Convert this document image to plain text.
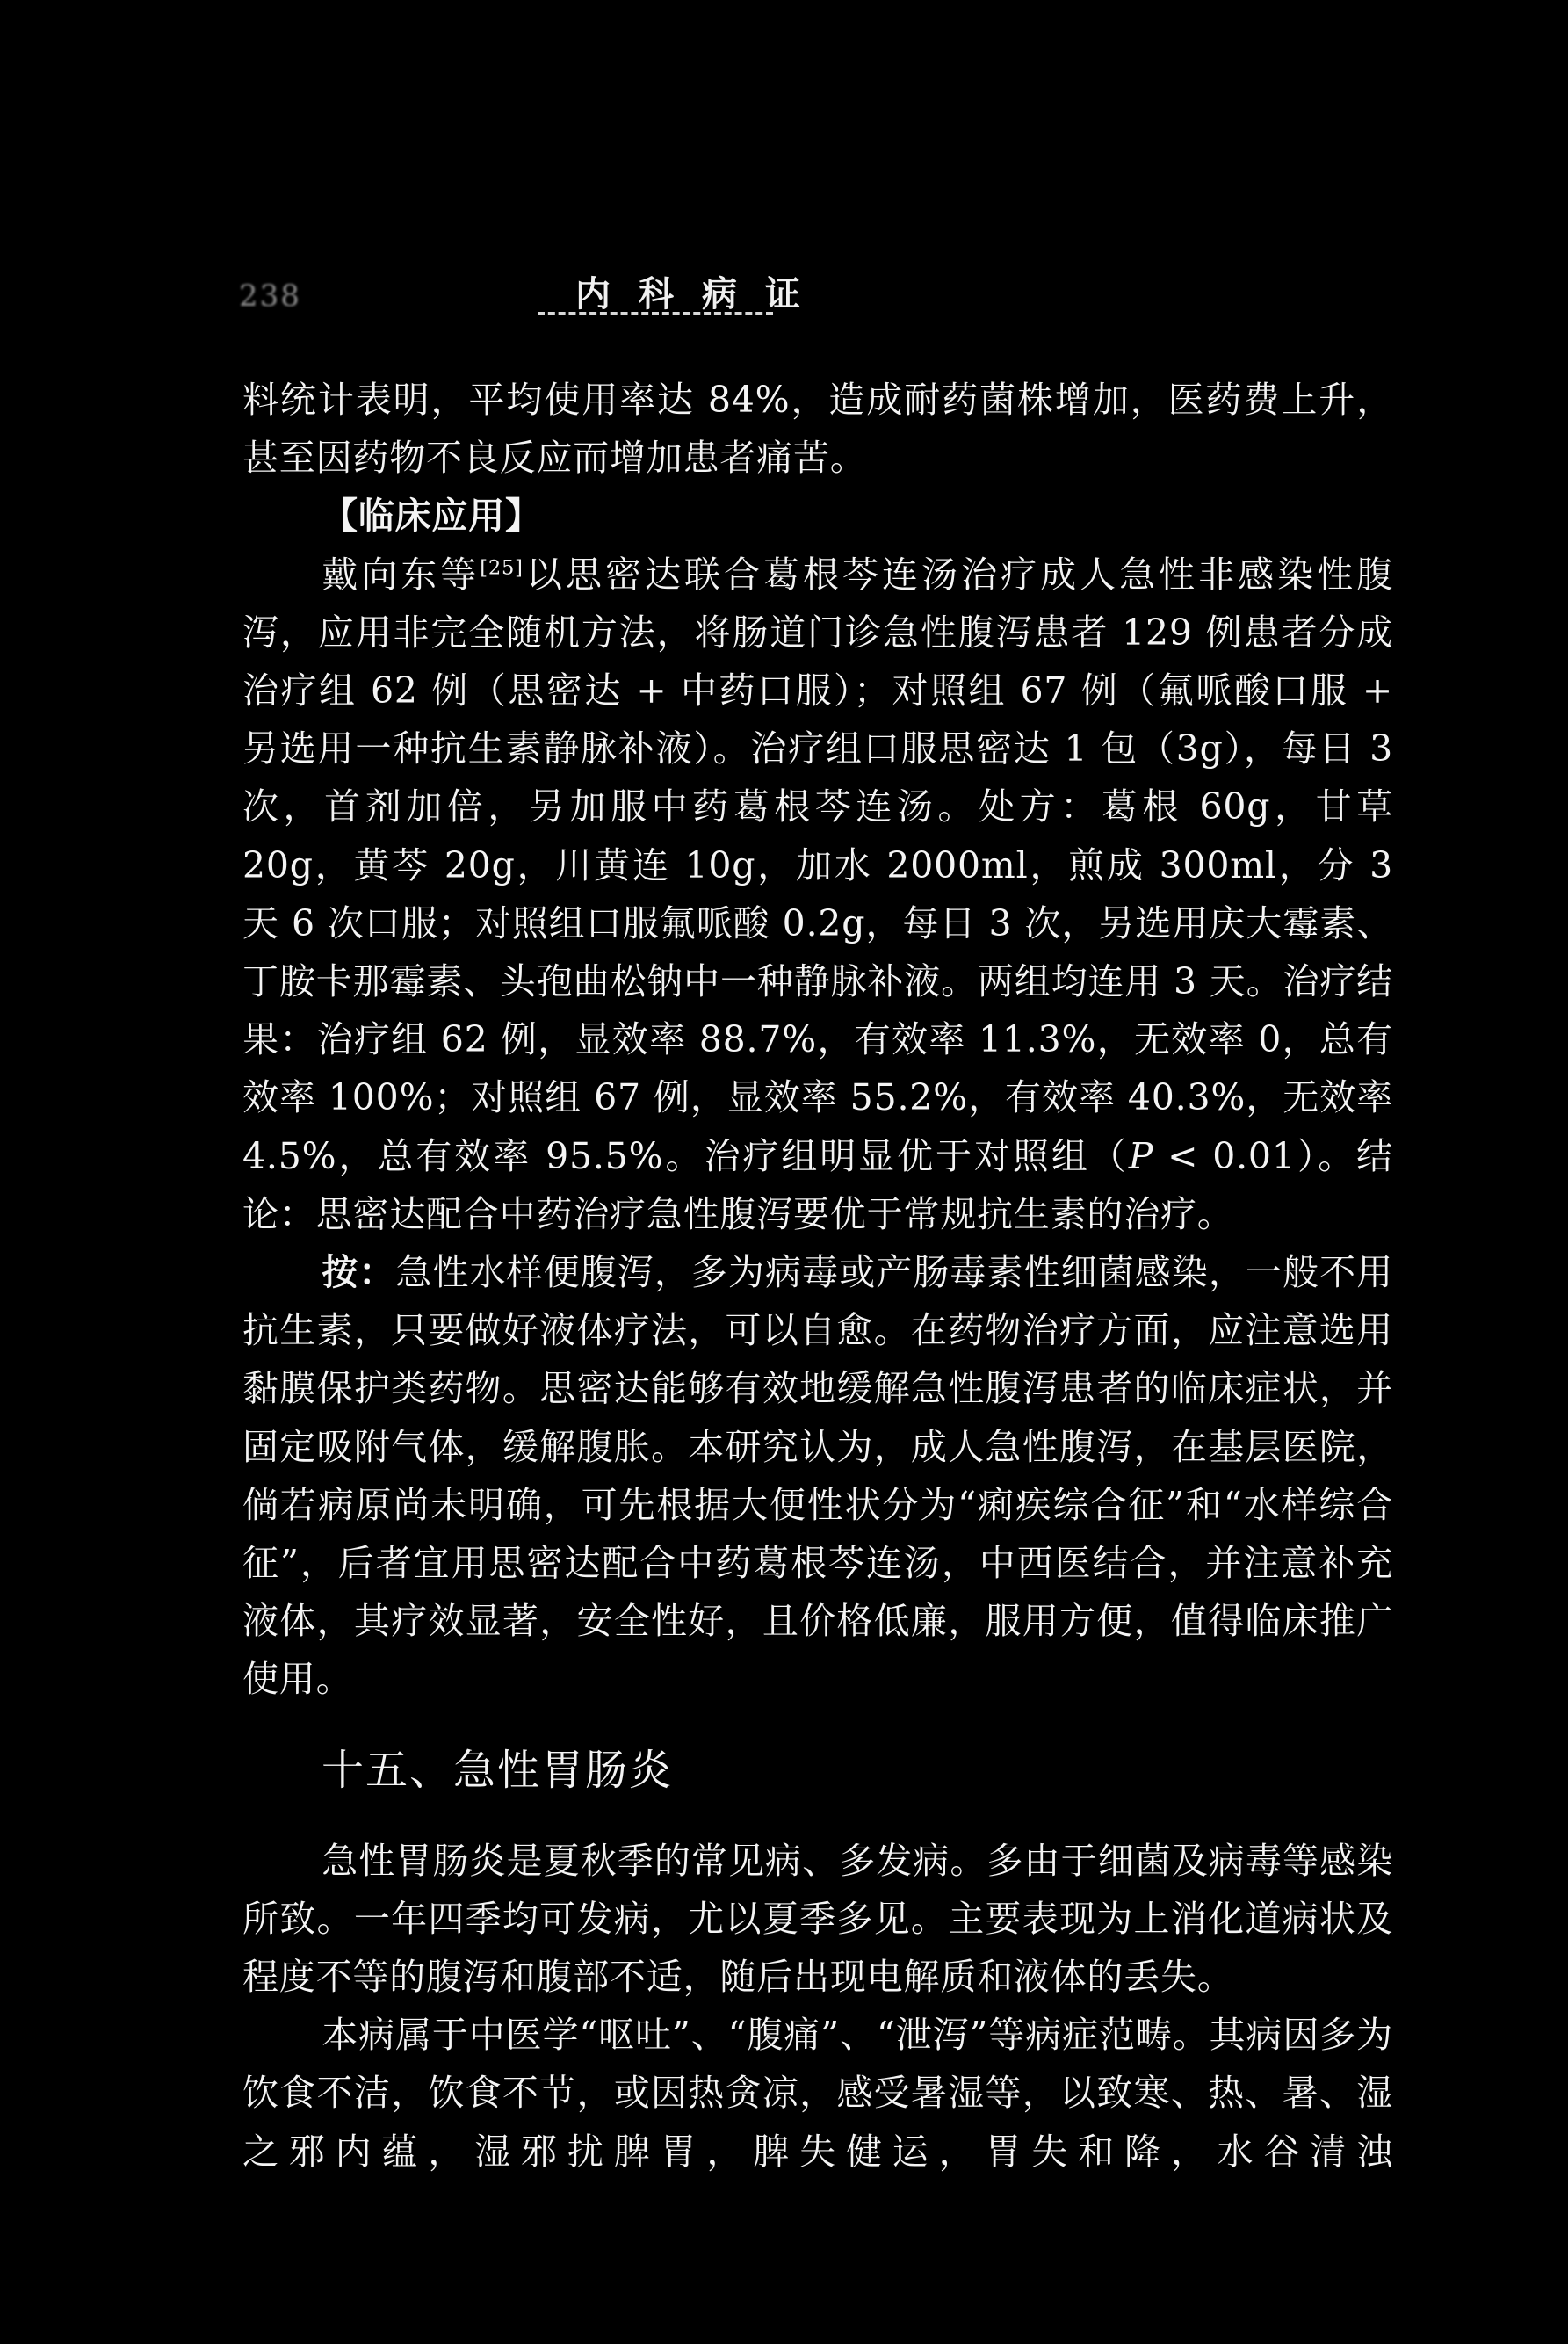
238	内科病证

料统计表明，平均使用率达 84%，造成耐药菌株增加，医药费上升，甚至因药物不良反应而增加患者痛苦。

【临床应用】

戴向东等[25]以思密达联合葛根芩连汤治疗成人急性非感染性腹泻，应用非完全随机方法，将肠道门诊急性腹泻患者 129 例患者分成治疗组 62 例（思密达 + 中药口服）；对照组 67 例（氟哌酸口服 + 另选用一种抗生素静脉补液）。治疗组口服思密达 1 包（3g），每日 3 次，首剂加倍，另加服中药葛根芩连汤。处方：葛根 60g，甘草 20g，黄芩 20g，川黄连 10g，加水 2000ml，煎成 300ml，分 3 天 6 次口服；对照组口服氟哌酸 0.2g，每日 3 次，另选用庆大霉素、丁胺卡那霉素、头孢曲松钠中一种静脉补液。两组均连用 3 天。治疗结果：治疗组 62 例，显效率 88.7%，有效率 11.3%，无效率 0，总有效率 100%；对照组 67 例，显效率 55.2%，有效率 40.3%，无效率 4.5%，总有效率 95.5%。治疗组明显优于对照组（P < 0.01）。结论：思密达配合中药治疗急性腹泻要优于常规抗生素的治疗。

按：急性水样便腹泻，多为病毒或产肠毒素性细菌感染，一般不用抗生素，只要做好液体疗法，可以自愈。在药物治疗方面，应注意选用黏膜保护类药物。思密达能够有效地缓解急性腹泻患者的临床症状，并固定吸附气体，缓解腹胀。本研究认为，成人急性腹泻，在基层医院，倘若病原尚未明确，可先根据大便性状分为“痢疾综合征”和“水样综合征”，后者宜用思密达配合中药葛根芩连汤，中西医结合，并注意补充液体，其疗效显著，安全性好，且价格低廉，服用方便，值得临床推广使用。

十五、急性胃肠炎

急性胃肠炎是夏秋季的常见病、多发病。多由于细菌及病毒等感染所致。一年四季均可发病，尤以夏季多见。主要表现为上消化道病状及程度不等的腹泻和腹部不适，随后出现电解质和液体的丢失。

本病属于中医学“呕吐”、“腹痛”、“泄泻”等病症范畴。其病因多为饮食不洁，饮食不节，或因热贪凉，感受暑湿等，以致寒、热、暑、湿之邪内蕴，湿邪扰脾胃，脾失健运，胃失和降，水谷清浊
